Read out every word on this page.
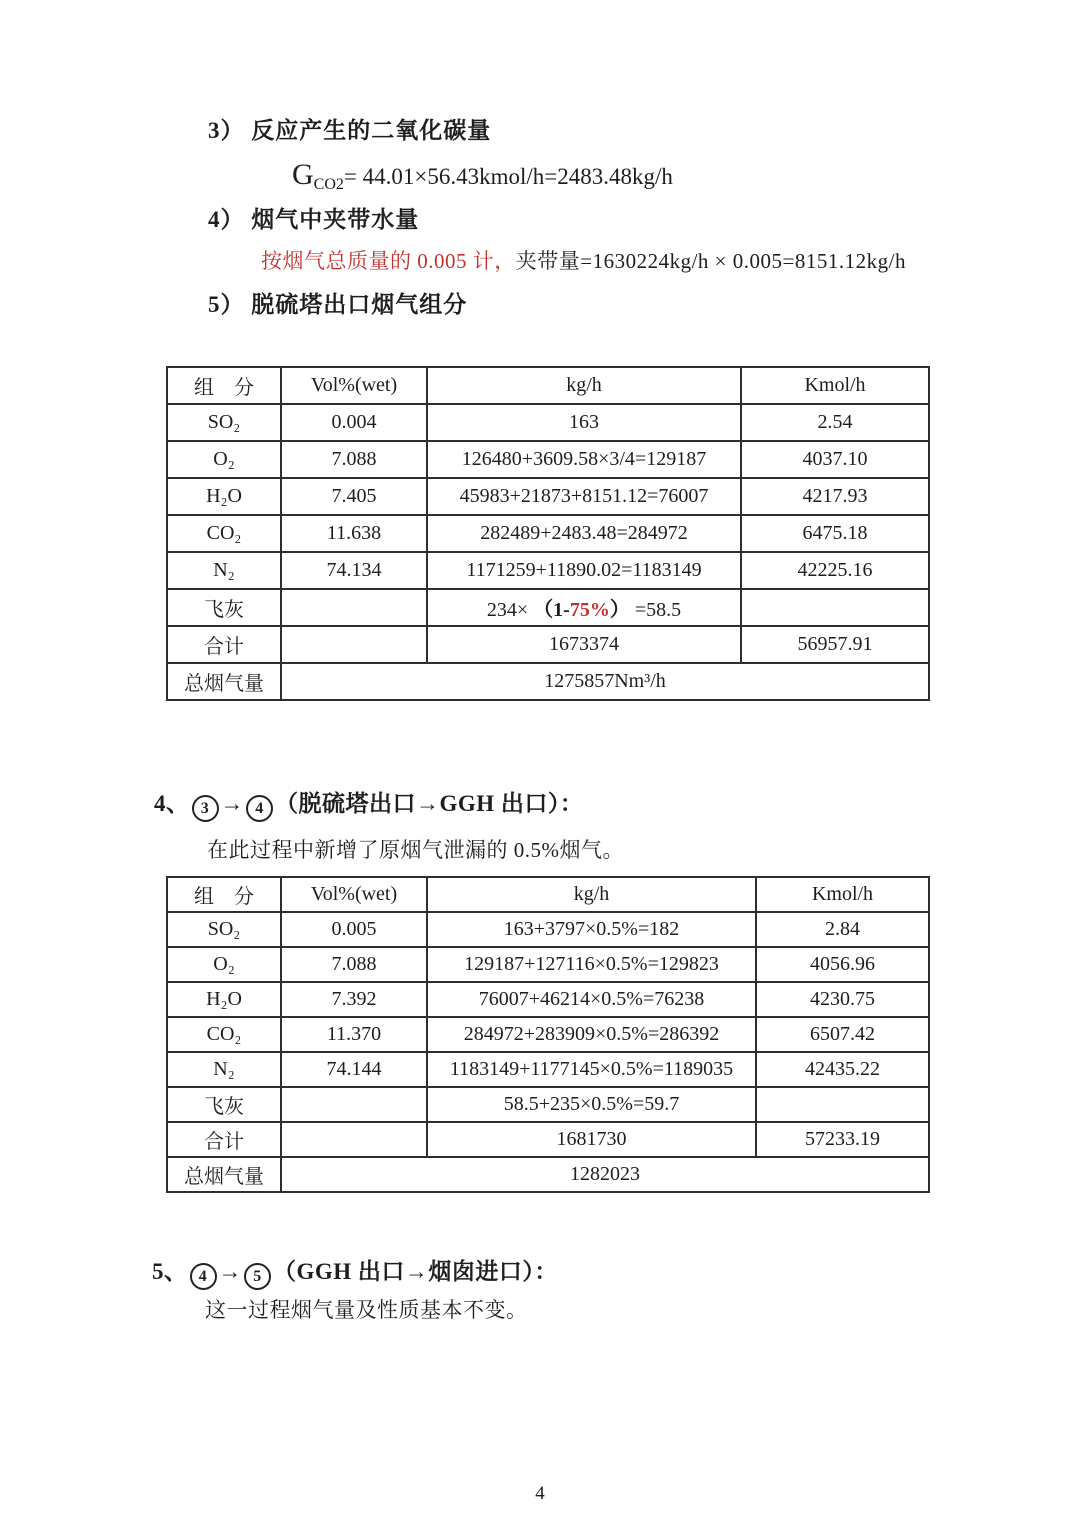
3） 反应产生的二氧化碳量
$G_{CO2}=$ 44.01×56.43kmol/h=2483.48kg/h
4） 烟气中夹带水量
按烟气总质量的 0.005 计，夹带量=1630224kg/h × 0.005=8151.12kg/h
5） 脱硫塔出口烟气组分
组　分	Vol%(wet)	kg/h	Kmol/h
SO₂	0.004	163	2.54
O₂	7.088	126480+3609.58×3/4=129187	4037.10
H₂O	7.405	45983+21873+8151.12=76007	4217.93
CO₂	11.638	282489+2483.48=284972	6475.18
N₂	74.134	1171259+11890.02=1183149	42225.16
飞灰		234× （1-75%） =58.5	
合计		1673374	56957.91
总烟气量	1275857Nm³/h		
4、 3 → 4 （脱硫塔出口→GGH 出口）：
在此过程中新增了原烟气泄漏的 0.5%烟气。
组　分	Vol%(wet)	kg/h	Kmol/h
SO₂	0.005	163+3797×0.5%=182	2.84
O₂	7.088	129187+127116×0.5%=129823	4056.96
H₂O	7.392	76007+46214×0.5%=76238	4230.75
CO₂	11.370	284972+283909×0.5%=286392	6507.42
N₂	74.144	1183149+1177145×0.5%=1189035	42435.22
飞灰		58.5+235×0.5%=59.7	
合计		1681730	57233.19
总烟气量	1282023		
5、 4 → 5 （GGH 出口→烟囱进口）：
这一过程烟气量及性质基本不变。
4
